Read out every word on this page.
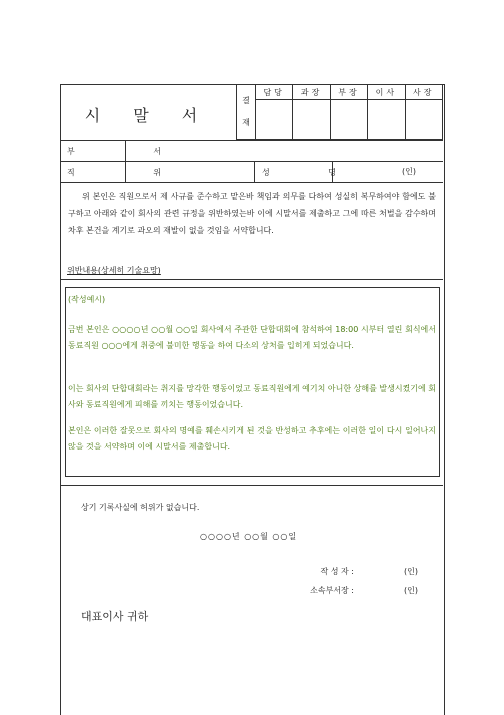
시 말 서
결
재	담당	과장	부장	이사	사장

부 서
직 위	성 명	(인)
위 본인은 직원으로서 제 사규를 준수하고 맡은바 책임과 의무를 다하여 성실히 복무하여야 함에도 불구하고 아래와 같이 회사의 관련 규정을 위반하였는바 이에 시말서를 제출하고 그에 따른 처벌을 감수하며 차후 본건을 계기로 과오의 재발이 없을 것임을 서약합니다.
위반내용(상세히 기술요망)
(작성예시)
금번 본인은 ○○○○년 ○○월 ○○일 회사에서 주관한 단합대회에 참석하여 18:00 시부터 열린 회식에서 동료직원 ○○○에게 취중에 불미한 행동을 하여 다소의 상처를 입히게 되었습니다.
이는 회사의 단합대회라는 취지를 망각한 행동이었고 동료직원에게 예기치 아니한 상해를 발생시켰기에 회사와 동료직원에게 피해를 끼치는 행동이었습니다.
본인은 이러한 잘못으로 회사의 명예를 훼손시키게 된 것을 반성하고 추후에는 이러한 일이 다시 일어나지 않을 것을 서약하며 이에 시말서를 제출합니다.
상기 기록사실에 허위가 없습니다.
○○○○년 ○○월 ○○일
작 성 자 :	(인)
소속부서장 :	(인)
대표이사 귀하
